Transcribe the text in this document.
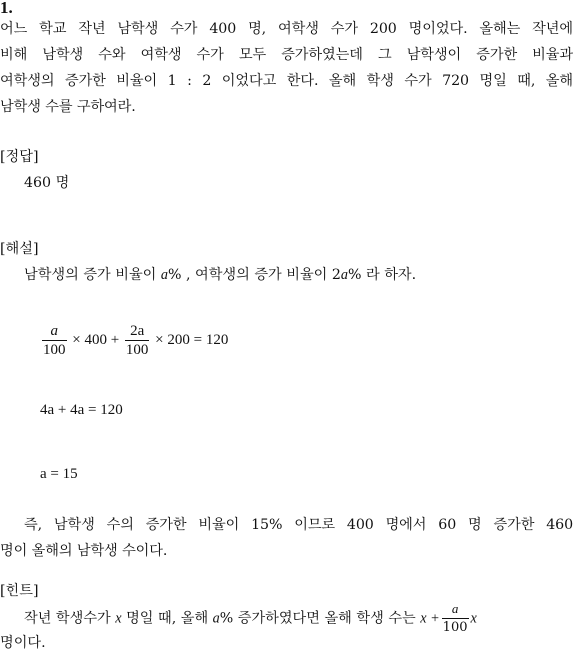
1.
어느 학교 작년 남학생 수가 400 명, 여학생 수가 200 명이었다. 올해는 작년에
비해 남학생 수와 여학생 수가 모두 증가하였는데 그 남학생이 증가한 비율과
여학생의 증가한 비율이 1 : 2 이었다고 한다. 올해 학생 수가 720 명일 때, 올해
남학생 수를 구하여라.
[정답]
460 명
[해설]
남학생의 증가 비율이 a% , 여학생의 증가 비율이 2a% 라 하자.
$\frac{a}{100} \times 400 + \frac{2a}{100} \times 200 = 120$
4a + 4a = 120
a = 15
즉, 남학생 수의 증가한 비율이 15% 이므로 400 명에서 60 명 증가한 460
명이 올해의 남학생 수이다.
[힌트]
작년 학생수가 x 명일 때, 올해 a% 증가하였다면 올해 학생 수는 $x + \frac{a}{100}$ x
명이다.
